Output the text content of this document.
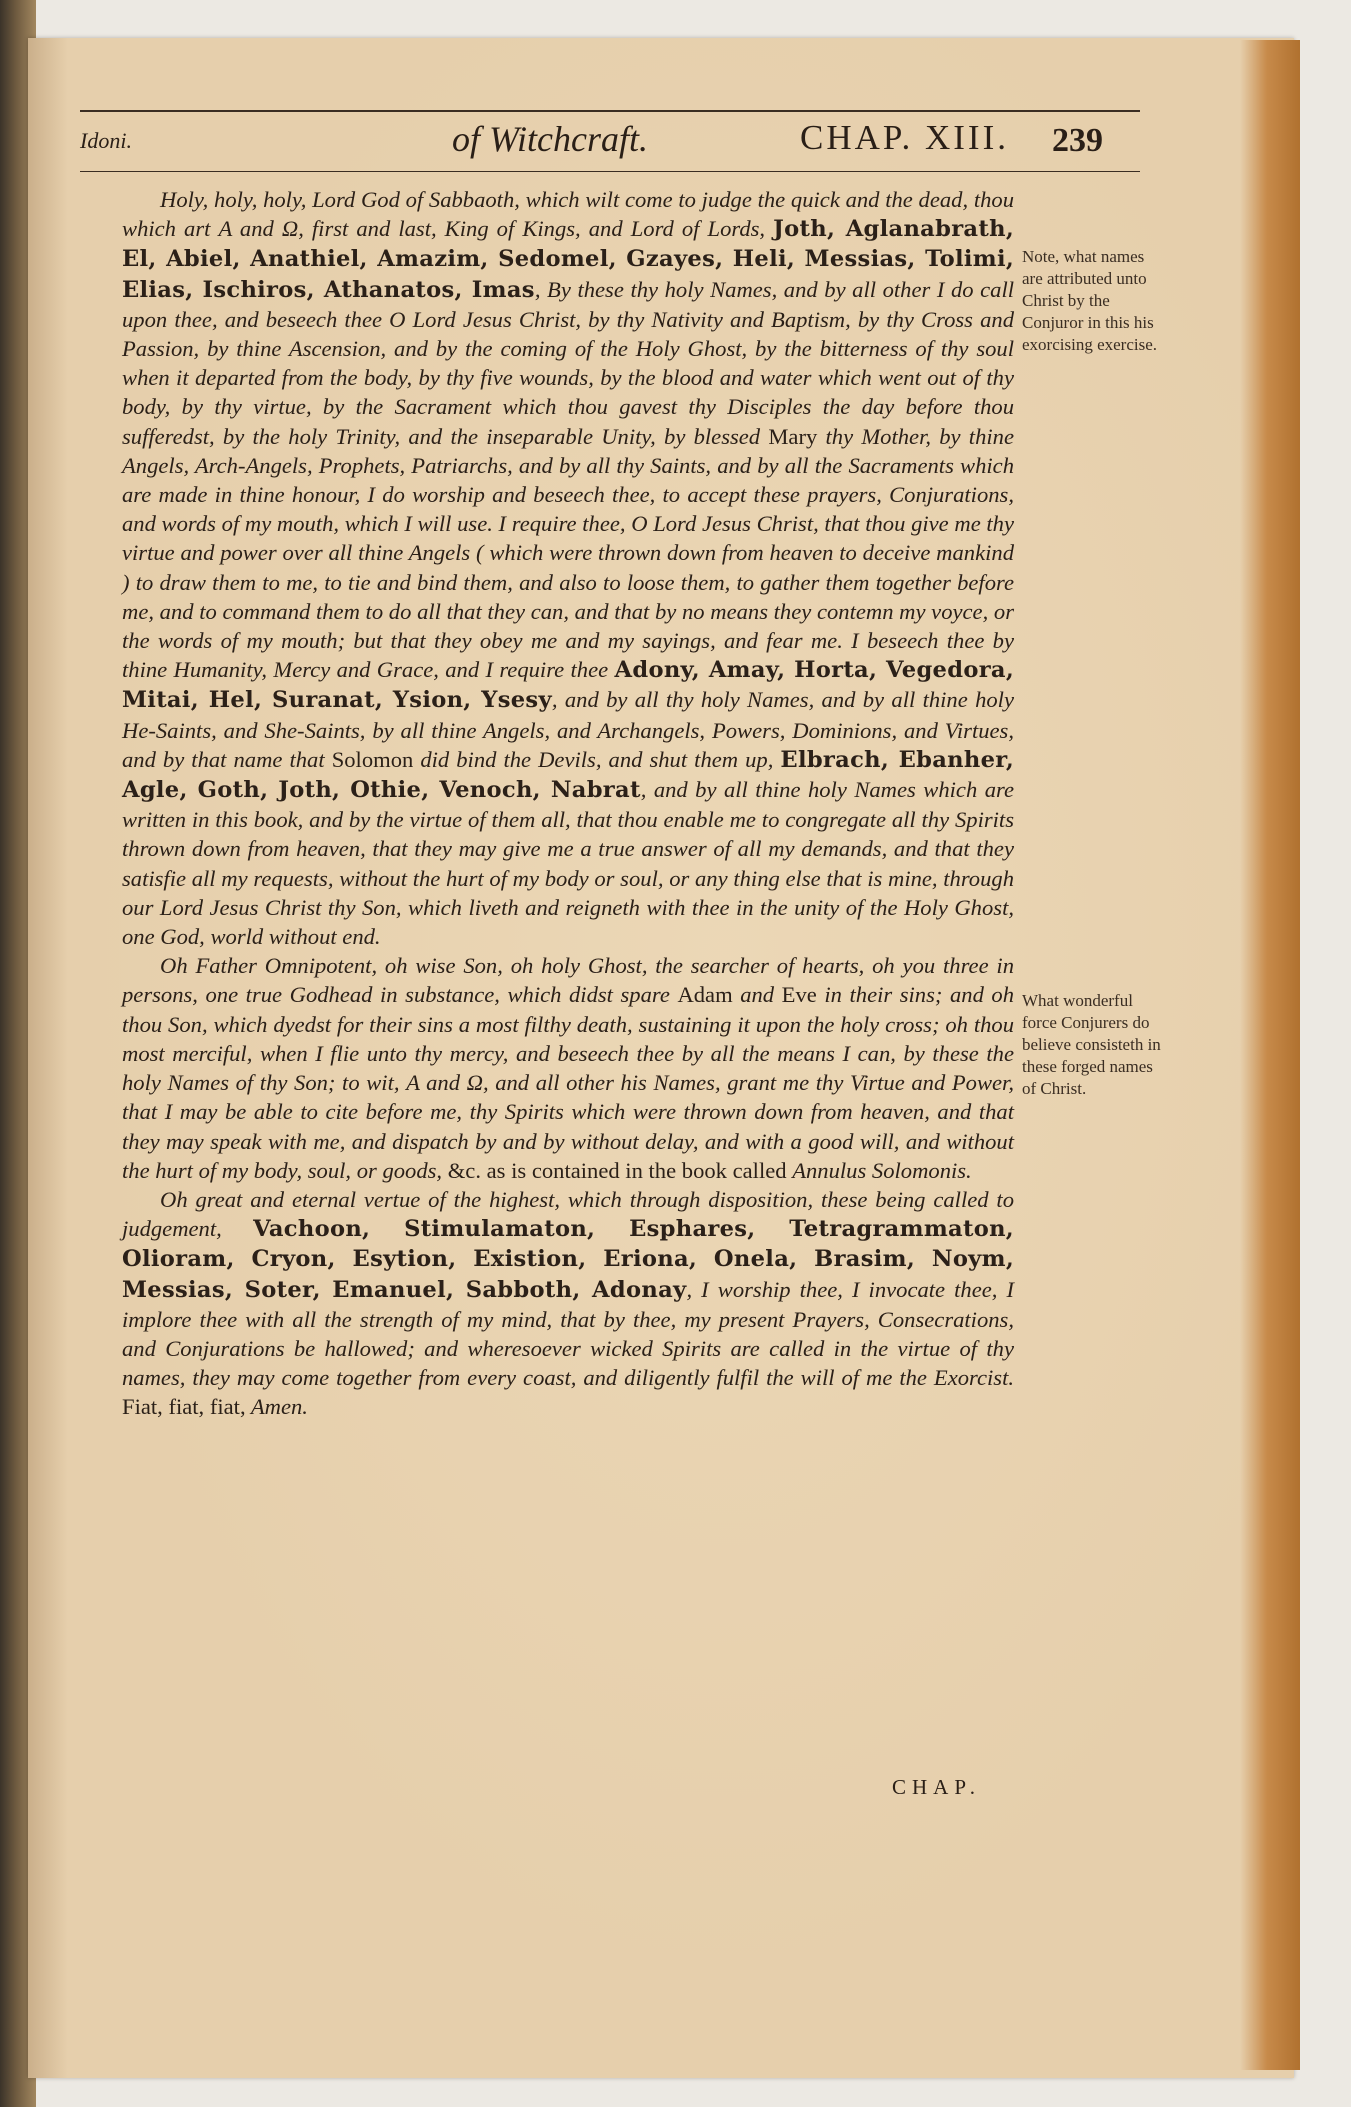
Idoni.	of Witchcraft.	CHAP. XIII. 239

Holy, holy, holy, Lord God of Sabbaoth, which wilt come to judge the quick and the dead, thou which art Α and Ω, first and last, King of Kings, and Lord of Lords, Joth, Aglanabrath, El, Abiel, Anathiel, Amazim, Sedomel, Gzayes, Heli, Messias, Tolimi, Elias, Ischiros, Athanatos, Imas, By these thy holy Names, and by all other I do call upon thee, and beseech thee O Lord Jesus Christ, by thy Nativity and Baptism, by thy Cross and Passion, by thine Ascension, and by the coming of the Holy Ghost, by the bitterness of thy soul when it departed from the body, by thy five wounds, by the blood and water which went out of thy body, by thy virtue, by the Sacrament which thou gavest thy Disciples the day before thou sufferedst, by the holy Trinity, and the inseparable Unity, by blessed Mary thy Mother, by thine Angels, Arch-Angels, Prophets, Patriarchs, and by all thy Saints, and by all the Sacraments which are made in thine honour, I do worship and beseech thee, to accept these prayers, Conjurations, and words of my mouth, which I will use. I require thee, O Lord Jesus Christ, that thou give me thy virtue and power over all thine Angels ( which were thrown down from heaven to deceive mankind ) to draw them to me, to tie and bind them, and also to loose them, to gather them together before me, and to command them to do all that they can, and that by no means they contemn my voyce, or the words of my mouth; but that they obey me and my sayings, and fear me. I beseech thee by thine Humanity, Mercy and Grace, and I require thee Adony, Amay, Horta, Vegedora, Mitai, Hel, Suranat, Ysion, Ysesy, and by all thy holy Names, and by all thine holy He-Saints, and She-Saints, by all thine Angels, and Archangels, Powers, Dominions, and Virtues, and by that name that Solomon did bind the Devils, and shut them up, Elbrach, Ebanher, Agle, Goth, Joth, Othie, Venoch, Nabrat, and by all thine holy Names which are written in this book, and by the virtue of them all, that thou enable me to congregate all thy Spirits thrown down from heaven, that they may give me a true answer of all my demands, and that they satisfie all my requests, without the hurt of my body or soul, or any thing else that is mine, through our Lord Jesus Christ thy Son, which liveth and reigneth with thee in the unity of the Holy Ghost, one God, world without end.

Oh Father Omnipotent, oh wise Son, oh holy Ghost, the searcher of hearts, oh you three in persons, one true Godhead in substance, which didst spare Adam and Eve in their sins; and oh thou Son, which dyedst for their sins a most filthy death, sustaining it upon the holy cross; oh thou most merciful, when I flie unto thy mercy, and beseech thee by all the means I can, by these the holy Names of thy Son; to wit, Α and Ω, and all other his Names, grant me thy Virtue and Power, that I may be able to cite before me, thy Spirits which were thrown down from heaven, and that they may speak with me, and dispatch by and by without delay, and with a good will, and without the hurt of my body, soul, or goods, &c. as is contained in the book called Annulus Solomonis.

Oh great and eternal vertue of the highest, which through disposition, these being called to judgement, Vachoon, Stimulamaton, Esphares, Tetragrammaton, Olioram, Cryon, Esytion, Existion, Eriona, Onela, Brasim, Noym, Messias, Soter, Emanuel, Sabboth, Adonay, I worship thee, I invocate thee, I implore thee with all the strength of my mind, that by thee, my present Prayers, Consecrations, and Conjurations be hallowed; and wheresoever wicked Spirits are called in the virtue of thy names, they may come together from every coast, and diligently fulfil the will of me the Exorcist. Fiat, fiat, fiat, Amen.

Note, what names are attributed unto Christ by the Conjuror in this his exorcising exercise.
What wonderful force Conjurers do believe consisteth in these forged names of Christ.
CHAP.
